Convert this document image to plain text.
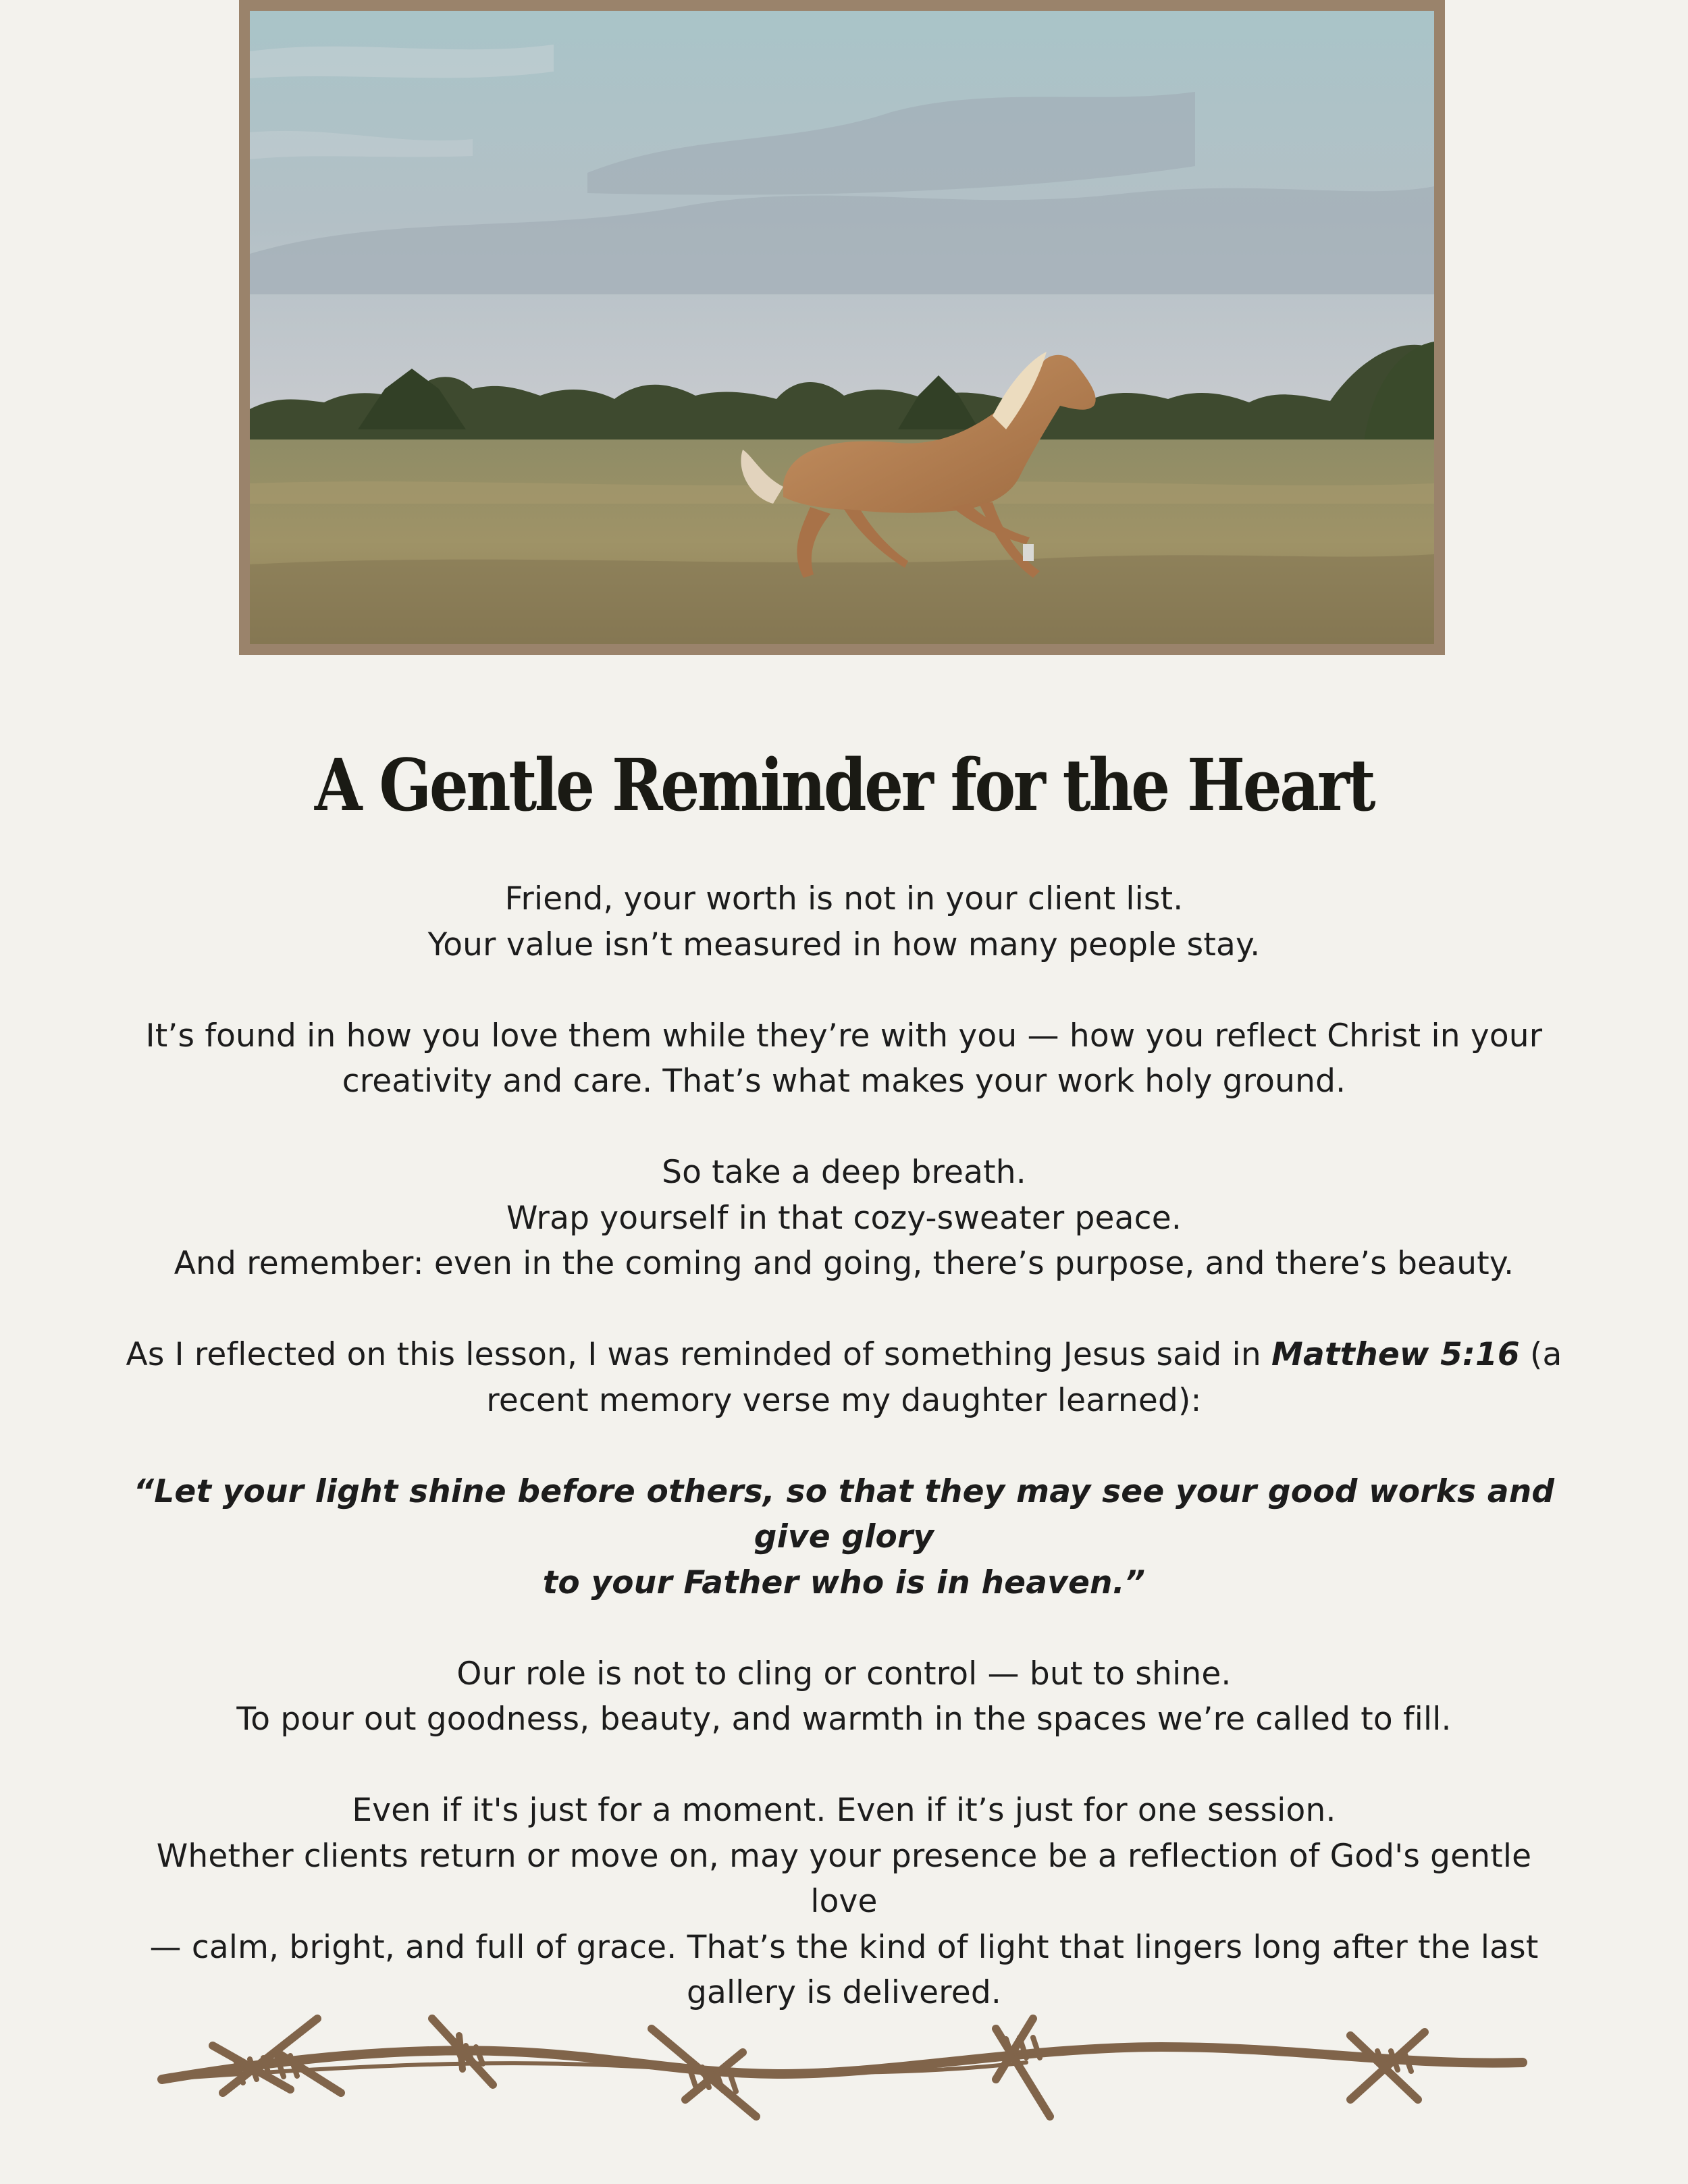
A Gentle Reminder for the Heart

Friend, your worth is not in your client list.
Your value isn’t measured in how many people stay.

It’s found in how you love them while they’re with you — how you reflect Christ in your
creativity and care. That’s what makes your work holy ground.

So take a deep breath.
Wrap yourself in that cozy-sweater peace.
And remember: even in the coming and going, there’s purpose, and there’s beauty.

As I reflected on this lesson, I was reminded of something Jesus said in Matthew 5:16 (a
recent memory verse my daughter learned):

“Let your light shine before others, so that they may see your good works and give glory
to your Father who is in heaven.”

Our role is not to cling or control — but to shine.
To pour out goodness, beauty, and warmth in the spaces we’re called to fill.

Even if it's just for a moment. Even if it’s just for one session.
Whether clients return or move on, may your presence be a reflection of God's gentle love
— calm, bright, and full of grace. That’s the kind of light that lingers long after the last
gallery is delivered.
